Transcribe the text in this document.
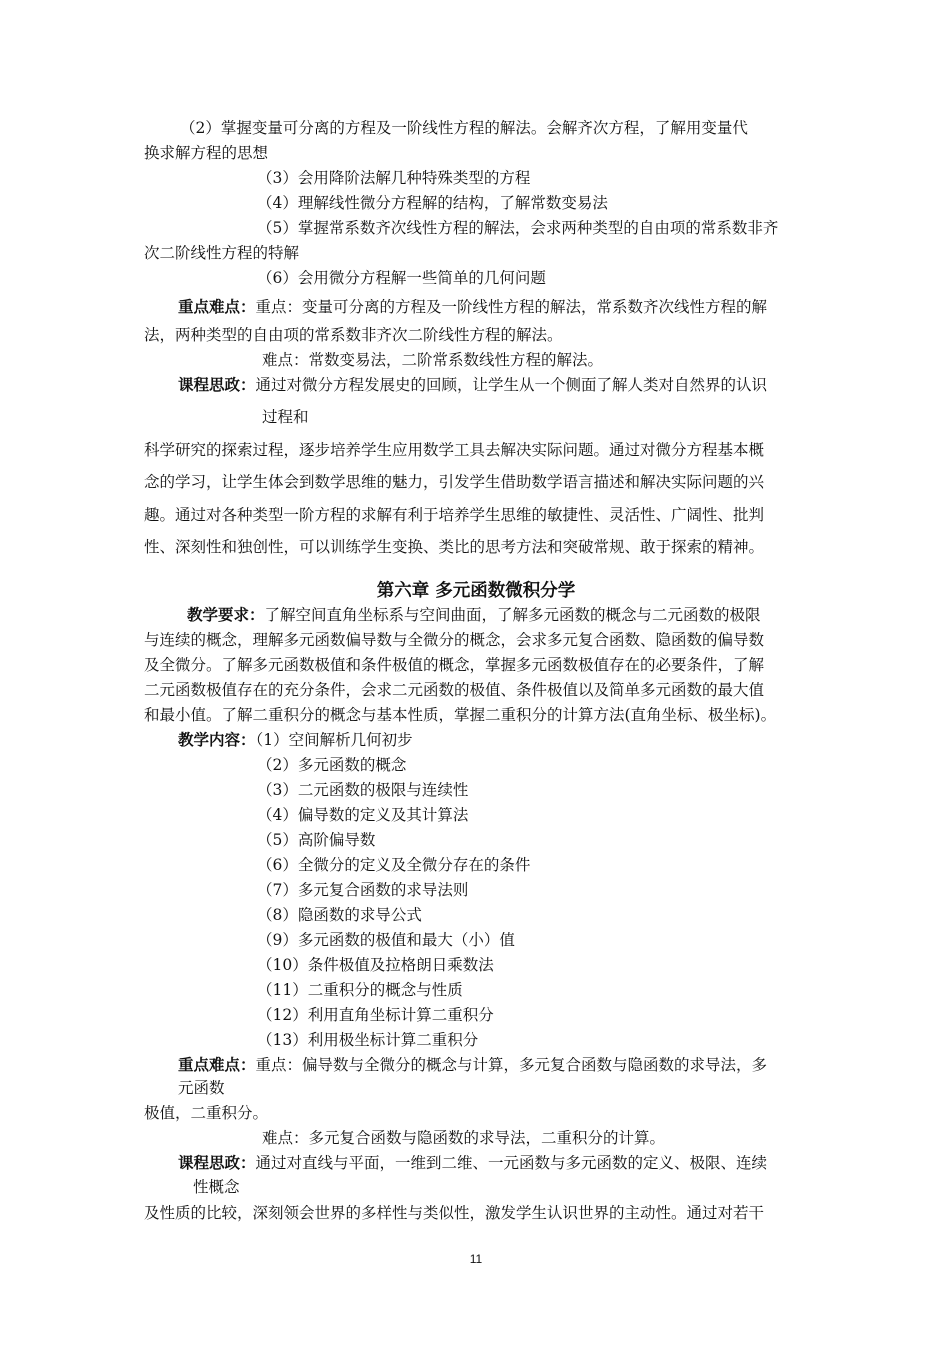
（2）掌握变量可分离的方程及一阶线性方程的解法。会解齐次方程，了解用变量代
换求解方程的思想
（3）会用降阶法解几种特殊类型的方程
（4）理解线性微分方程解的结构，了解常数变易法
（5）掌握常系数齐次线性方程的解法，会求两种类型的自由项的常系数非齐
次二阶线性方程的特解
（6）会用微分方程解一些简单的几何问题
重点难点：重点：变量可分离的方程及一阶线性方程的解法，常系数齐次线性方程的解
法，两种类型的自由项的常系数非齐次二阶线性方程的解法。
难点：常数变易法，二阶常系数线性方程的解法。
课程思政：通过对微分方程发展史的回顾，让学生从一个侧面了解人类对自然界的认识
过程和
科学研究的探索过程，逐步培养学生应用数学工具去解决实际问题。通过对微分方程基本概
念的学习，让学生体会到数学思维的魅力，引发学生借助数学语言描述和解决实际问题的兴
趣。通过对各种类型一阶方程的求解有利于培养学生思维的敏捷性、灵活性、广阔性、批判
性、深刻性和独创性，可以训练学生变换、类比的思考方法和突破常规、敢于探索的精神。
第六章 多元函数微积分学
教学要求：了解空间直角坐标系与空间曲面，了解多元函数的概念与二元函数的极限
与连续的概念，理解多元函数偏导数与全微分的概念，会求多元复合函数、隐函数的偏导数
及全微分。了解多元函数极值和条件极值的概念，掌握多元函数极值存在的必要条件，了解
二元函数极值存在的充分条件，会求二元函数的极值、条件极值以及简单多元函数的最大值
和最小值。了解二重积分的概念与基本性质，掌握二重积分的计算方法(直角坐标、极坐标)。
教学内容：（1）空间解析几何初步
（2）多元函数的概念
（3）二元函数的极限与连续性
（4）偏导数的定义及其计算法
（5）高阶偏导数
（6）全微分的定义及全微分存在的条件
（7）多元复合函数的求导法则
（8）隐函数的求导公式
（9）多元函数的极值和最大（小）值
（10）条件极值及拉格朗日乘数法
（11）二重积分的概念与性质
（12）利用直角坐标计算二重积分
（13）利用极坐标计算二重积分
重点难点：重点：偏导数与全微分的概念与计算，多元复合函数与隐函数的求导法，多
元函数
极值，二重积分。
难点：多元复合函数与隐函数的求导法，二重积分的计算。
课程思政：通过对直线与平面，一维到二维、一元函数与多元函数的定义、极限、连续
性概念
及性质的比较，深刻领会世界的多样性与类似性，激发学生认识世界的主动性。通过对若干
11
